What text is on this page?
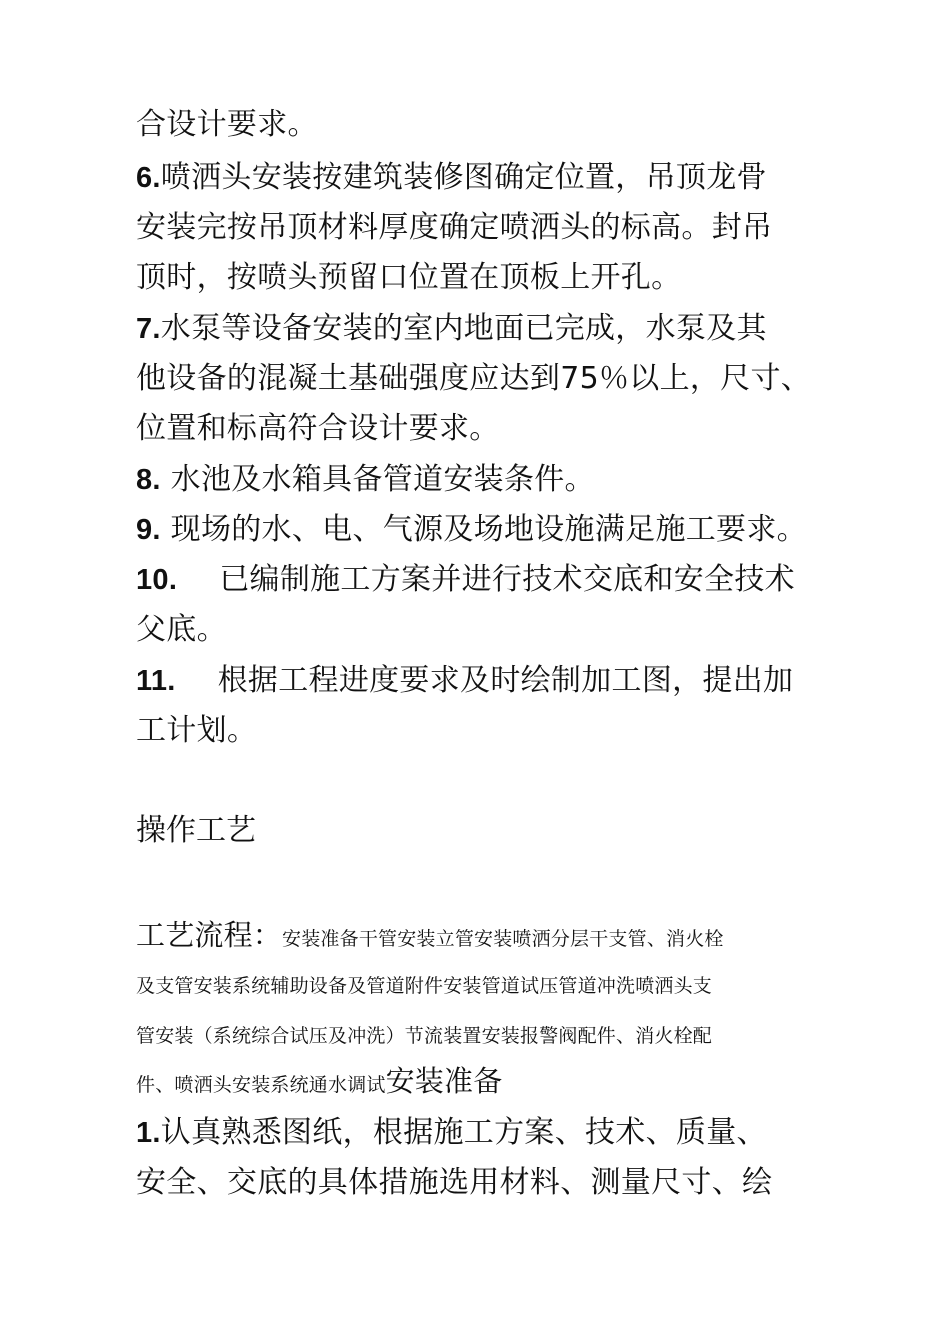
合设计要求。
6.喷洒头安装按建筑装修图确定位置，吊顶龙骨
安装完按吊顶材料厚度确定喷洒头的标高。封吊
顶时，按喷头预留口位置在顶板上开孔。
7.水泵等设备安装的室内地面已完成，水泵及其
他设备的混凝土基础强度应达到75％以上，尺寸、
位置和标高符合设计要求。
8. 水池及水箱具备管道安装条件。
9. 现场的水、电、气源及场地设施满足施工要求。
10. 已编制施工方案并进行技术交底和安全技术
父底。
11. 根据工程进度要求及时绘制加工图，提出加
工计划。
操作工艺
工艺流程：安装准备干管安装立管安装喷洒分层干支管、消火栓
及支管安装系统辅助设备及管道附件安装管道试压管道冲洗喷洒头支
管安装（系统综合试压及冲洗）节流装置安装报警阀配件、消火栓配
件、喷洒头安装系统通水调试安装准备
1.认真熟悉图纸，根据施工方案、技术、质量、
安全、交底的具体措施选用材料、测量尺寸、绘
